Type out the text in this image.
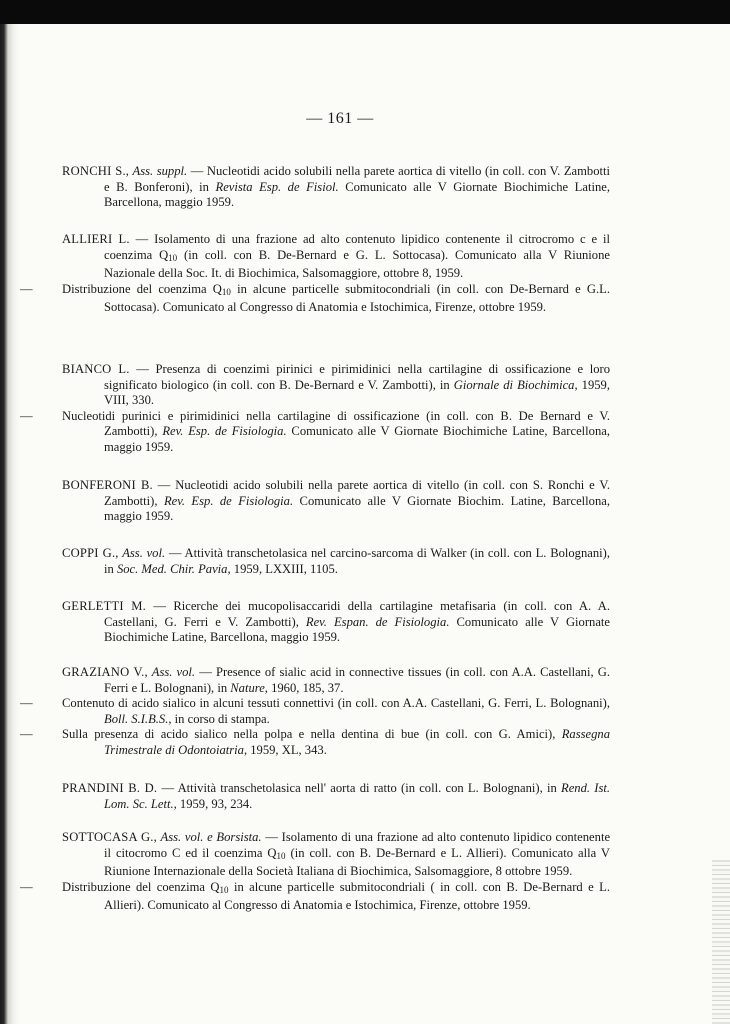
— 161 —

RONCHI S., Ass. suppl. — Nucleotidi acido solubili nella parete aortica di vitello (in coll. con V. Zambotti e B. Bonferoni), in Revista Esp. de Fisiol. Comunicato alle V Giornate Biochimiche Latine, Barcellona, maggio 1959.

ALLIERI L. — Isolamento di una frazione ad alto contenuto lipidico contenente il citrocromo c e il coenzima $Q_{10}$ (in coll. con B. De-Bernard e G. L. Sottocasa). Comunicato alla V Riunione Nazionale della Soc. It. di Biochimica, Salsomaggiore, ottobre 8, 1959.

—Distribuzione del coenzima $Q_{10}$ in alcune particelle submitocondriali (in coll. con De-Bernard e G.L. Sottocasa). Comunicato al Congresso di Anatomia e Istochimica, Firenze, ottobre 1959.

BIANCO L. — Presenza di coenzimi pirinici e pirimidinici nella cartilagine di ossificazione e loro significato biologico (in coll. con B. De-Bernard e V. Zambotti), in Giornale di Biochimica, 1959, VIII, 330.

—Nucleotidi purinici e pirimidinici nella cartilagine di ossificazione (in coll. con B. De Bernard e V. Zambotti), Rev. Esp. de Fisiologia. Comunicato alle V Giornate Biochimiche Latine, Barcellona, maggio 1959.

BONFERONI B. — Nucleotidi acido solubili nella parete aortica di vitello (in coll. con S. Ronchi e V. Zambotti), Rev. Esp. de Fisiologia. Comunicato alle V Giornate Biochim. Latine, Barcellona, maggio 1959.

COPPI G., Ass. vol. — Attività transchetolasica nel carcino-sarcoma di Walker (in coll. con L. Bolognani), in Soc. Med. Chir. Pavia, 1959, LXXIII, 1105.

GERLETTI M. — Ricerche dei mucopolisaccaridi della cartilagine metafisaria (in coll. con A. A. Castellani, G. Ferri e V. Zambotti), Rev. Espan. de Fisiologia. Comunicato alle V Giornate Biochimiche Latine, Barcellona, maggio 1959.

GRAZIANO V., Ass. vol. — Presence of sialic acid in connective tissues (in coll. con A.A. Castellani, G. Ferri e L. Bolognani), in Nature, 1960, 185, 37.

—Contenuto di acido sialico in alcuni tessuti connettivi (in coll. con A.A. Castellani, G. Ferri, L. Bolognani), Boll. S.I.B.S., in corso di stampa.

—Sulla presenza di acido sialico nella polpa e nella dentina di bue (in coll. con G. Amici), Rassegna Trimestrale di Odontoiatria, 1959, XL, 343.

PRANDINI B. D. — Attività transchetolasica nell' aorta di ratto (in coll. con L. Bolognani), in Rend. Ist. Lom. Sc. Lett., 1959, 93, 234.

SOTTOCASA G., Ass. vol. e Borsista. — Isolamento di una frazione ad alto contenuto lipidico contenente il citocromo C ed il coenzima $Q_{10}$ (in coll. con B. De-Bernard e L. Allieri). Comunicato alla V Riunione Internazionale della Società Italiana di Biochimica, Salsomaggiore, 8 ottobre 1959.

—Distribuzione del coenzima $Q_{10}$ in alcune particelle submitocondriali ( in coll. con B. De-Bernard e L. Allieri). Comunicato al Congresso di Anatomia e Istochimica, Firenze, ottobre 1959.
